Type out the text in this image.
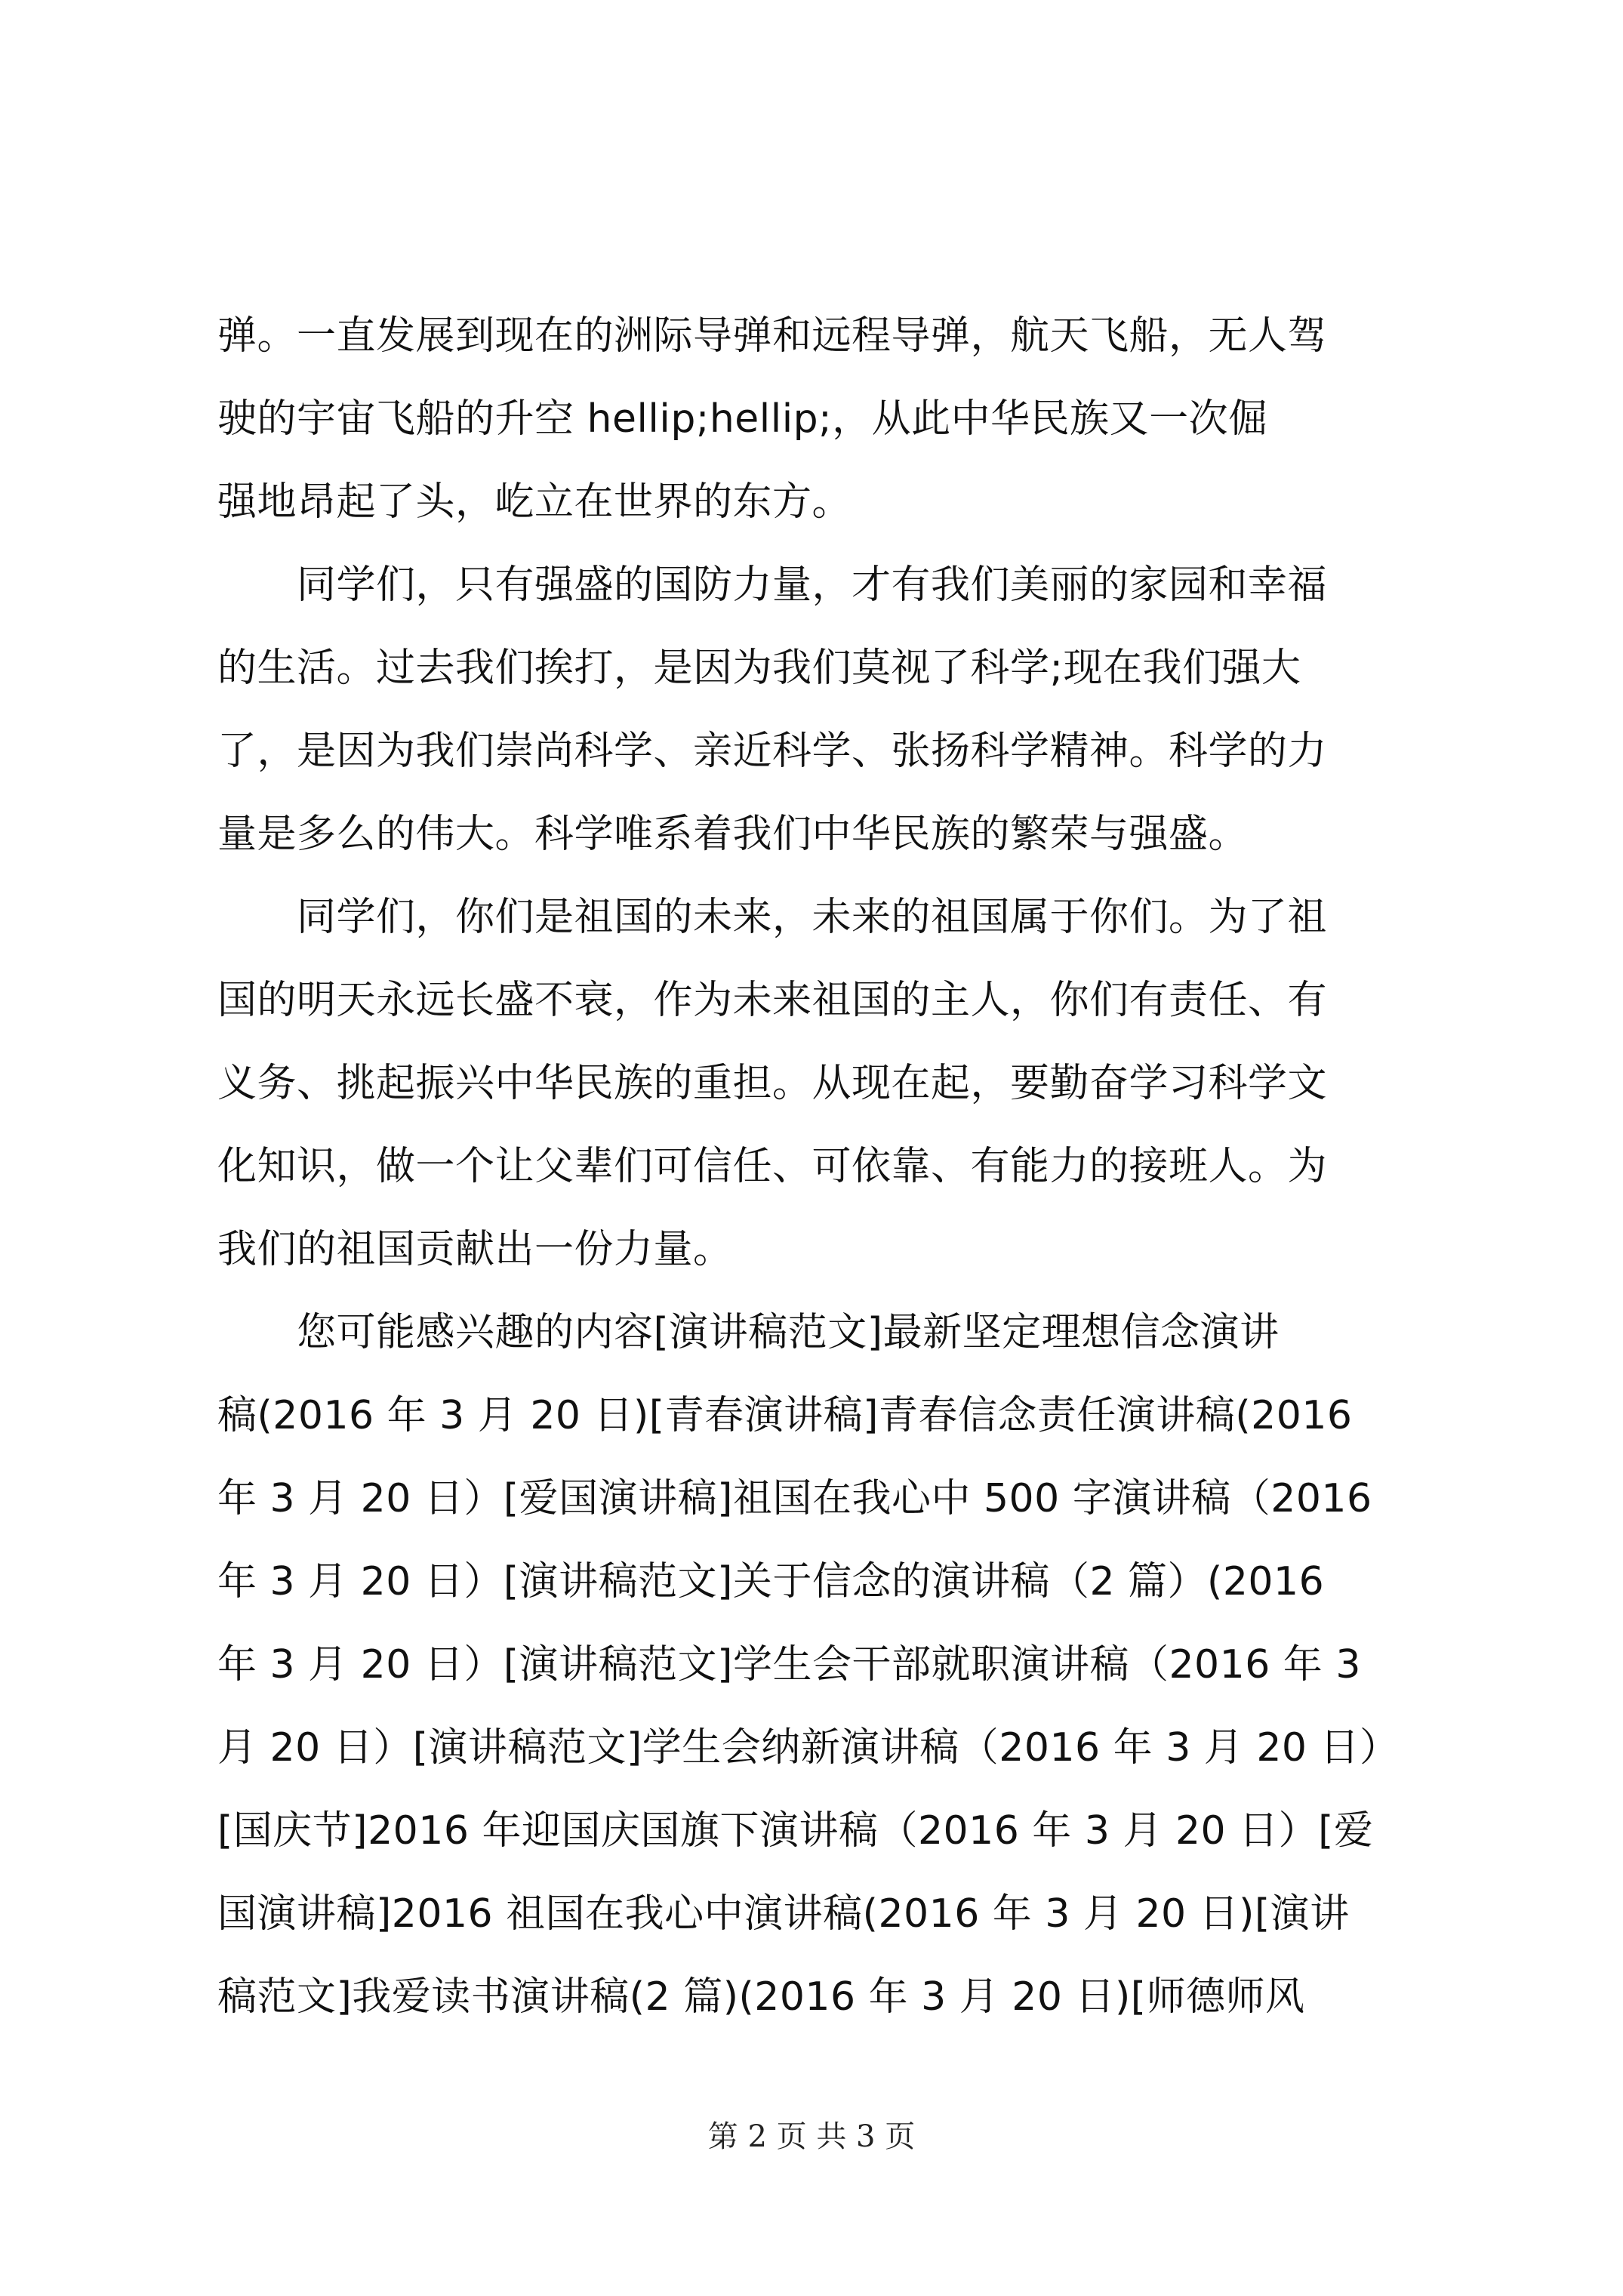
弹。一直发展到现在的洲际导弹和远程导弹，航天飞船，无人驾
驶的宇宙飞船的升空 hellip;hellip;，从此中华民族又一次倔
强地昂起了头，屹立在世界的东方。
　　同学们，只有强盛的国防力量，才有我们美丽的家园和幸福
的生活。过去我们挨打，是因为我们莫视了科学;现在我们强大
了，是因为我们崇尚科学、亲近科学、张扬科学精神。科学的力
量是多么的伟大。科学唯系着我们中华民族的繁荣与强盛。
　　同学们，你们是祖国的未来，未来的祖国属于你们。为了祖
国的明天永远长盛不衰，作为未来祖国的主人，你们有责任、有
义务、挑起振兴中华民族的重担。从现在起，要勤奋学习科学文
化知识，做一个让父辈们可信任、可依靠、有能力的接班人。为
我们的祖国贡献出一份力量。
　　您可能感兴趣的内容[演讲稿范文]最新坚定理想信念演讲
稿(2016 年 3 月 20 日)[青春演讲稿]青春信念责任演讲稿(2016
年 3 月 20 日）[爱国演讲稿]祖国在我心中 500 字演讲稿（2016
年 3 月 20 日）[演讲稿范文]关于信念的演讲稿（2 篇）(2016
年 3 月 20 日）[演讲稿范文]学生会干部就职演讲稿（2016 年 3
月 20 日）[演讲稿范文]学生会纳新演讲稿（2016 年 3 月 20 日）
[国庆节]2016 年迎国庆国旗下演讲稿（2016 年 3 月 20 日）[爱
国演讲稿]2016 祖国在我心中演讲稿(2016 年 3 月 20 日)[演讲
稿范文]我爱读书演讲稿(2 篇)(2016 年 3 月 20 日)[师德师风
第 2 页 共 3 页
